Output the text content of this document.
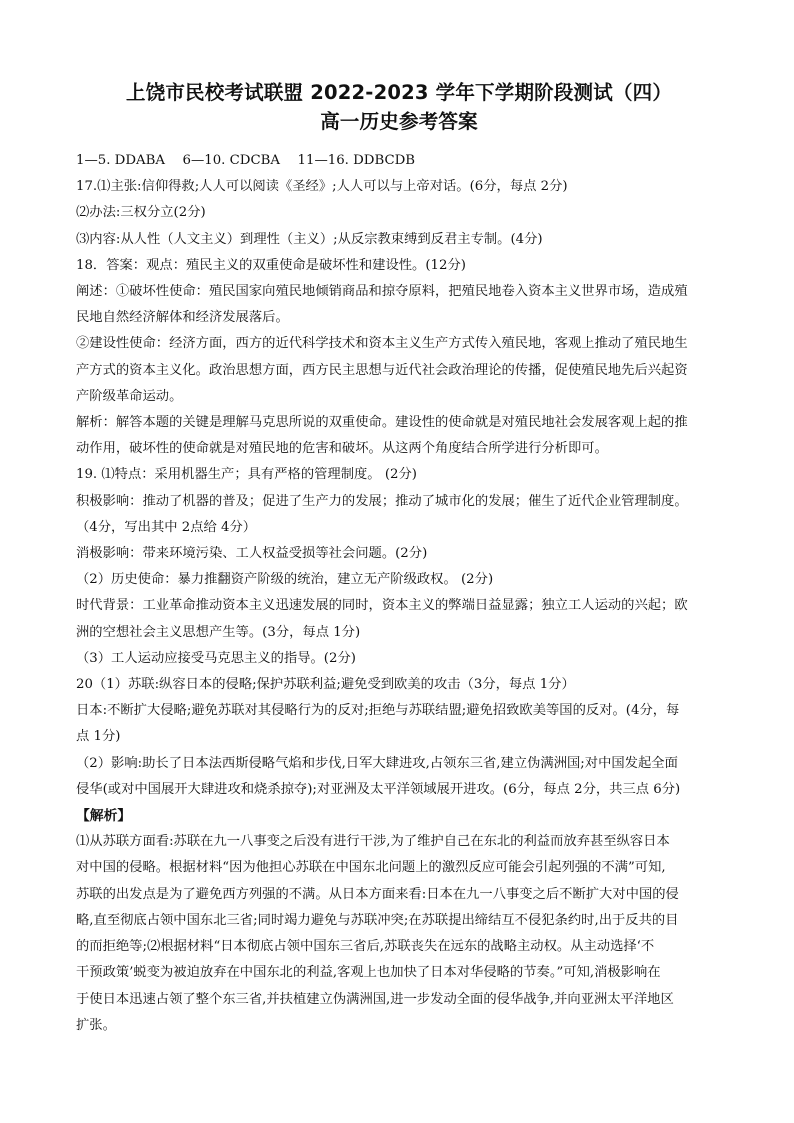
上饶市民校考试联盟 2022-2023 学年下学期阶段测试（四）
高一历史参考答案
1—5. DDABA　 6—10. CDCBA　 11—16. DDBCDB
17.⑴主张:信仰得救;人人可以阅读《圣经》;人人可以与上帝对话。(6分，每点 2分)
⑵办法:三权分立(2分)
⑶内容:从人性（人文主义）到理性（主义）;从反宗教束缚到反君主专制。(4分)
18．答案：观点：殖民主义的双重使命是破坏性和建设性。(12分)
阐述：①破坏性使命：殖民国家向殖民地倾销商品和掠夺原料，把殖民地卷入资本主义世界市场，造成殖
民地自然经济解体和经济发展落后。
②建设性使命：经济方面，西方的近代科学技术和资本主义生产方式传入殖民地，客观上推动了殖民地生
产方式的资本主义化。政治思想方面，西方民主思想与近代社会政治理论的传播，促使殖民地先后兴起资
产阶级革命运动。
解析：解答本题的关键是理解马克思所说的双重使命。建设性的使命就是对殖民地社会发展客观上起的推
动作用，破坏性的使命就是对殖民地的危害和破坏。从这两个角度结合所学进行分析即可。
19. ⑴特点：采用机器生产；具有严格的管理制度。 (2分)
积极影响：推动了机器的普及；促进了生产力的发展；推动了城市化的发展；催生了近代企业管理制度。
（4分，写出其中 2点给 4分）
消极影响：带来环境污染、工人权益受损等社会问题。(2分)
（2）历史使命：暴力推翻资产阶级的统治，建立无产阶级政权。 (2分)
时代背景：工业革命推动资本主义迅速发展的同时，资本主义的弊端日益显露；独立工人运动的兴起；欧
洲的空想社会主义思想产生等。(3分，每点 1分)
（3）工人运动应接受马克思主义的指导。(2分)
20（1）苏联:纵容日本的侵略;保护苏联利益;避免受到欧美的攻击（3分，每点 1分）
日本:不断扩大侵略;避免苏联对其侵略行为的反对;拒绝与苏联结盟;避免招致欧美等国的反对。(4分，每
点 1分)
（2）影响:助长了日本法西斯侵略气焰和步伐,日军大肆进攻,占领东三省,建立伪满洲国;对中国发起全面
侵华(或对中国展开大肆进攻和烧杀掠夺);对亚洲及太平洋领域展开进攻。(6分，每点 2分，共三点 6分)
【解析】
⑴从苏联方面看:苏联在九一八事变之后没有进行干涉,为了维护自己在东北的利益而放弃甚至纵容日本
对中国的侵略。根据材料“因为他担心苏联在中国东北问题上的激烈反应可能会引起列强的不满”可知,
苏联的出发点是为了避免西方列强的不满。从日本方面来看:日本在九一八事变之后不断扩大对中国的侵
略,直至彻底占领中国东北三省;同时竭力避免与苏联冲突;在苏联提出缔结互不侵犯条约时,出于反共的目
的而拒绝等;⑵根据材料“日本彻底占领中国东三省后,苏联丧失在远东的战略主动权。从主动选择‘不
干预政策’蜕变为被迫放弃在中国东北的利益,客观上也加快了日本对华侵略的节奏。”可知,消极影响在
于使日本迅速占领了整个东三省,并扶植建立伪满洲国,进一步发动全面的侵华战争,并向亚洲太平洋地区
扩张。
